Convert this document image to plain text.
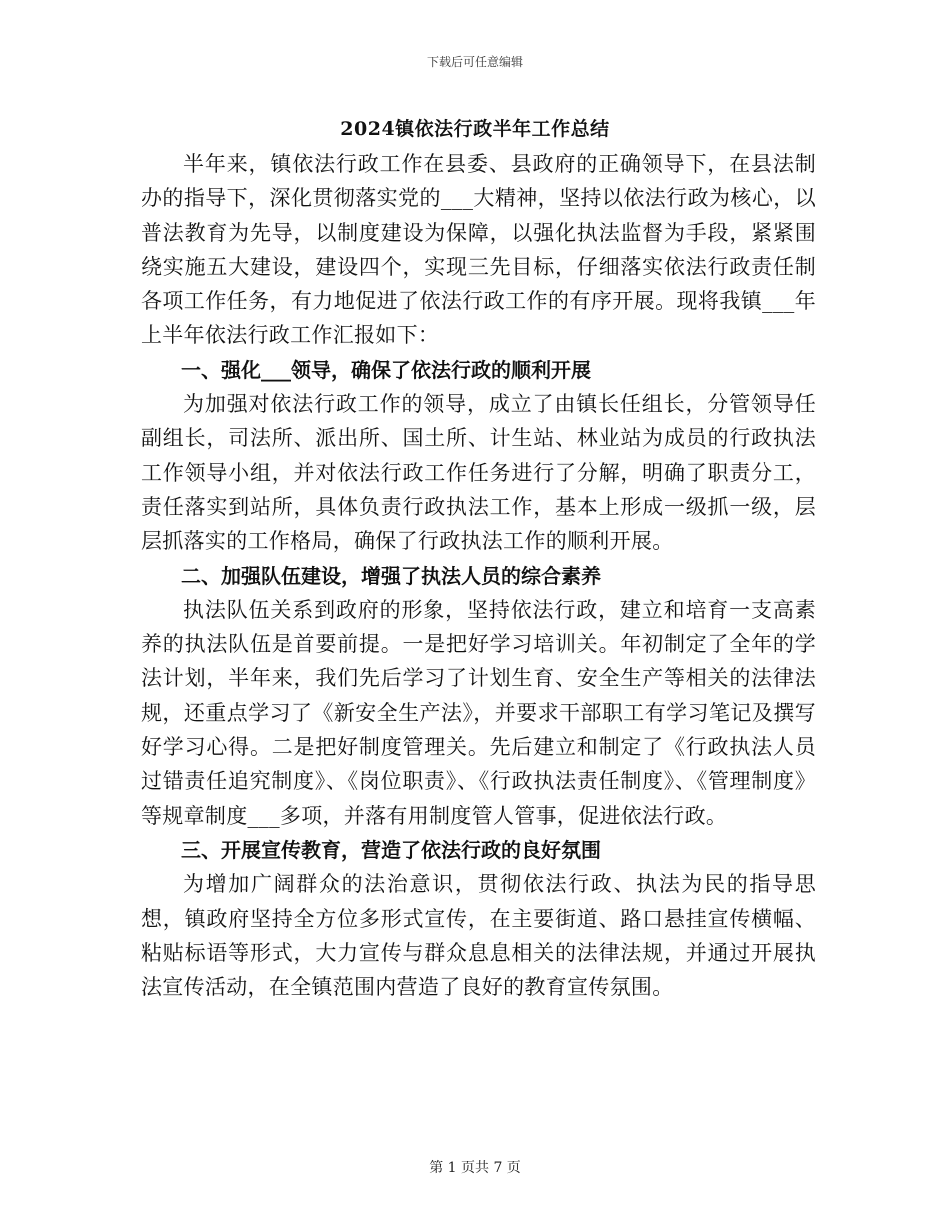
下载后可任意编辑
2024镇依法行政半年工作总结

半年来，镇依法行政工作在县委、县政府的正确领导下，在县法制办的指导下，深化贯彻落实党的___大精神，坚持以依法行政为核心，以普法教育为先导，以制度建设为保障，以强化执法监督为手段，紧紧围绕实施五大建设，建设四个，实现三先目标，仔细落实依法行政责任制各项工作任务，有力地促进了依法行政工作的有序开展。现将我镇___年上半年依法行政工作汇报如下：

一、强化___领导，确保了依法行政的顺利开展

为加强对依法行政工作的领导，成立了由镇长任组长，分管领导任副组长，司法所、派出所、国土所、计生站、林业站为成员的行政执法工作领导小组，并对依法行政工作任务进行了分解，明确了职责分工，责任落实到站所，具体负责行政执法工作，基本上形成一级抓一级，层层抓落实的工作格局，确保了行政执法工作的顺利开展。

二、加强队伍建设，增强了执法人员的综合素养

执法队伍关系到政府的形象，坚持依法行政，建立和培育一支高素养的执法队伍是首要前提。一是把好学习培训关。年初制定了全年的学法计划，半年来，我们先后学习了计划生育、安全生产等相关的法律法规，还重点学习了《新安全生产法》，并要求干部职工有学习笔记及撰写好学习心得。二是把好制度管理关。先后建立和制定了《行政执法人员过错责任追究制度》、《岗位职责》、《行政执法责任制度》、《管理制度》等规章制度___多项，并落有用制度管人管事，促进依法行政。

三、开展宣传教育，营造了依法行政的良好氛围

为增加广阔群众的法治意识，贯彻依法行政、执法为民的指导思想，镇政府坚持全方位多形式宣传，在主要街道、路口悬挂宣传横幅、粘贴标语等形式，大力宣传与群众息息相关的法律法规，并通过开展执法宣传活动，在全镇范围内营造了良好的教育宣传氛围。

第 1 页共 7 页
